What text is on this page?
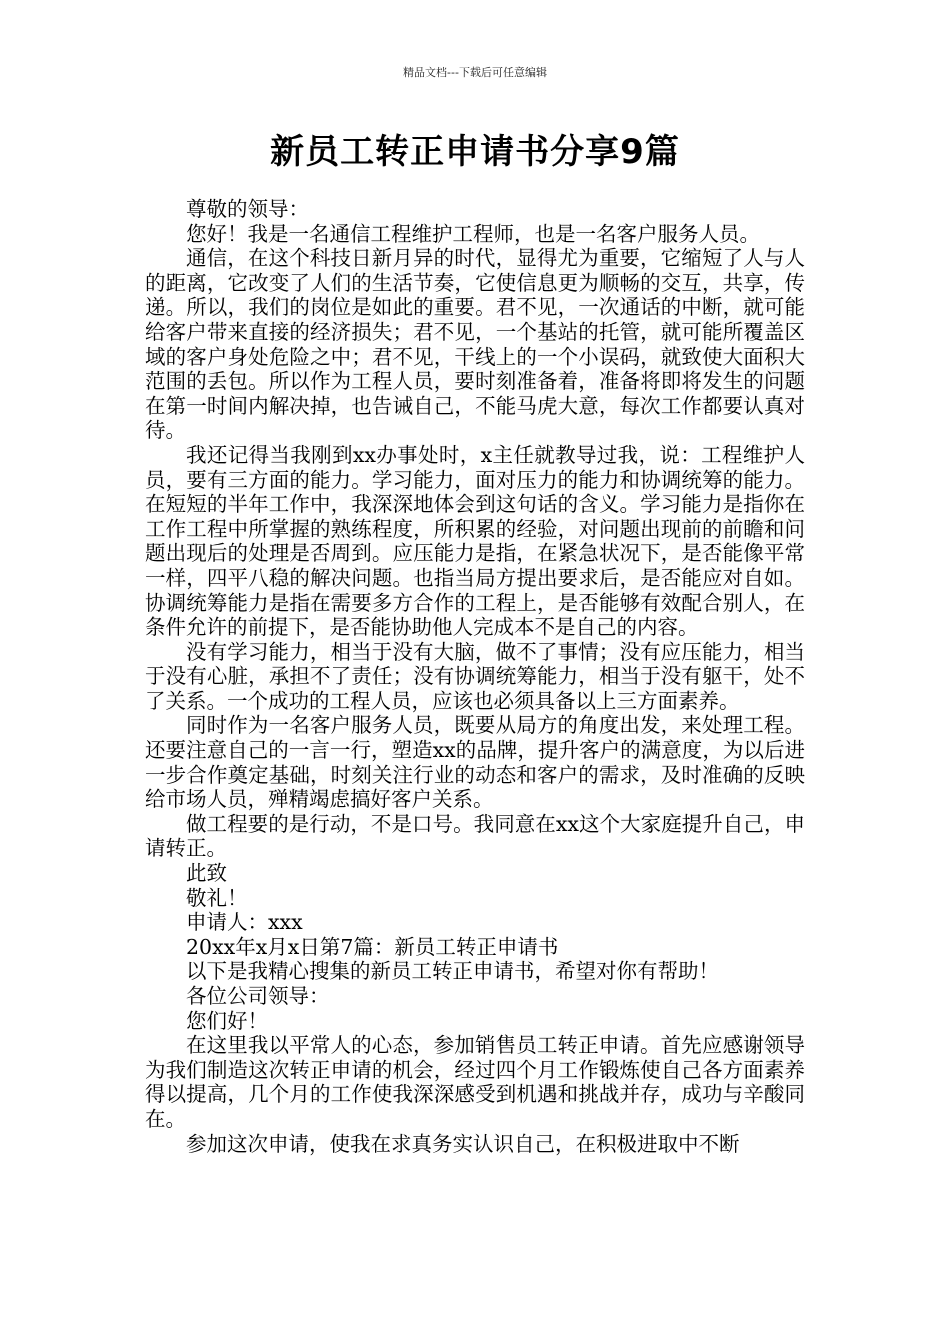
精品文档---下载后可任意编辑
新员工转正申请书分享9篇

尊敬的领导：

您好！我是一名通信工程维护工程师，也是一名客户服务人员。

通信，在这个科技日新月异的时代，显得尤为重要，它缩短了人与人的距离，它改变了人们的生活节奏，它使信息更为顺畅的交互，共享，传递。所以，我们的岗位是如此的重要。君不见，一次通话的中断，就可能给客户带来直接的经济损失；君不见，一个基站的托管，就可能所覆盖区域的客户身处危险之中；君不见，干线上的一个小误码，就致使大面积大范围的丢包。所以作为工程人员，要时刻准备着，准备将即将发生的问题在第一时间内解决掉，也告诫自己，不能马虎大意，每次工作都要认真对待。

我还记得当我刚到xx办事处时，x主任就教导过我，说：工程维护人员，要有三方面的能力。学习能力，面对压力的能力和协调统筹的能力。在短短的半年工作中，我深深地体会到这句话的含义。学习能力是指你在工作工程中所掌握的熟练程度，所积累的经验，对问题出现前的前瞻和问题出现后的处理是否周到。应压能力是指，在紧急状况下，是否能像平常一样，四平八稳的解决问题。也指当局方提出要求后，是否能应对自如。协调统筹能力是指在需要多方合作的工程上，是否能够有效配合别人，在条件允许的前提下，是否能协助他人完成本不是自己的内容。

没有学习能力，相当于没有大脑，做不了事情；没有应压能力，相当于没有心脏，承担不了责任；没有协调统筹能力，相当于没有躯干，处不了关系。一个成功的工程人员，应该也必须具备以上三方面素养。

同时作为一名客户服务人员，既要从局方的角度出发，来处理工程。还要注意自己的一言一行，塑造xx的品牌，提升客户的满意度，为以后进一步合作奠定基础，时刻关注行业的动态和客户的需求，及时准确的反映给市场人员，殚精竭虑搞好客户关系。

做工程要的是行动，不是口号。我同意在xx这个大家庭提升自己，申请转正。

此致

敬礼！

申请人：xxx

20xx年x月x日第7篇：新员工转正申请书

以下是我精心搜集的新员工转正申请书，希望对你有帮助！

各位公司领导：

您们好！

在这里我以平常人的心态，参加销售员工转正申请。首先应感谢领导为我们制造这次转正申请的机会，经过四个月工作锻炼使自己各方面素养得以提高，几个月的工作使我深深感受到机遇和挑战并存，成功与辛酸同在。

参加这次申请，使我在求真务实认识自己，在积极进取中不断
